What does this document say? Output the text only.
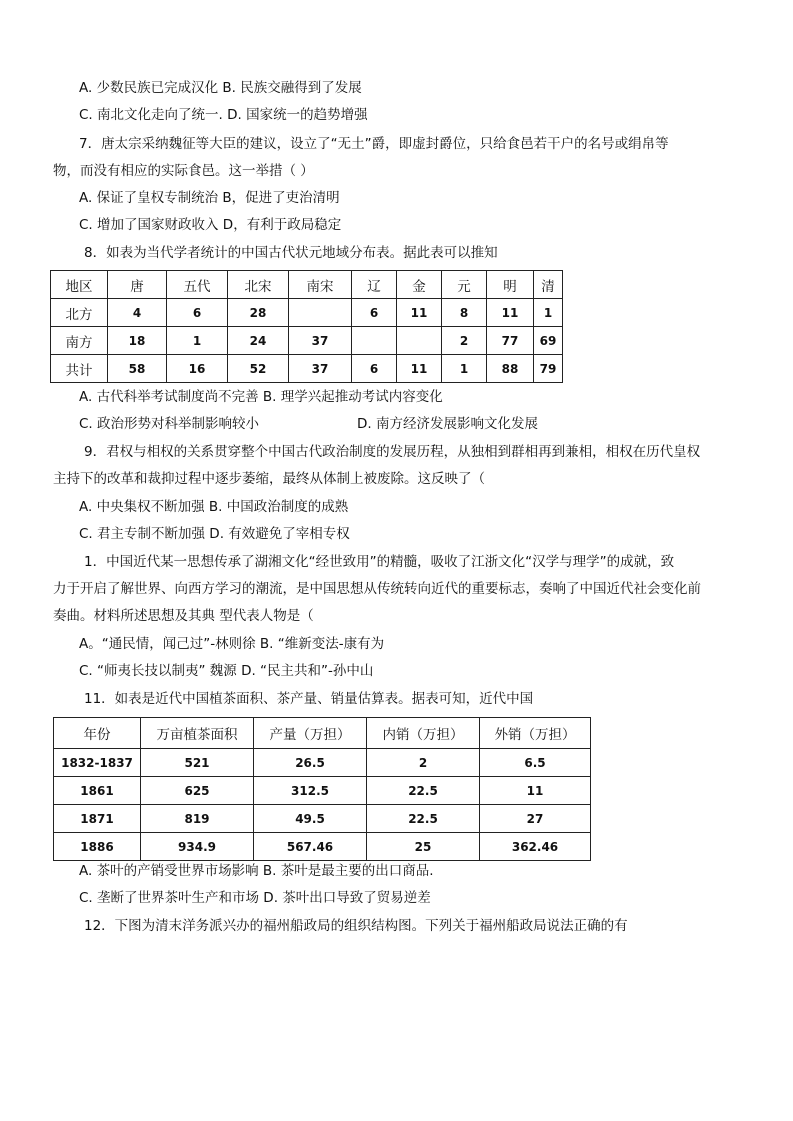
A. 少数民族已完成汉化 B. 民族交融得到了发展
C. 南北文化走向了统一. D. 国家统一的趋势增强
7．唐太宗采纳魏征等大臣的建议，设立了“无土”爵，即虚封爵位，只给食邑若干户的名号或绢帛等
物，而没有相应的实际食邑。这一举措（ ）
A. 保证了皇权专制统治 B，促进了吏治清明
C. 增加了国家财政收入 D，有利于政局稳定
8．如表为当代学者统计的中国古代状元地域分布表。据此表可以推知
地区	唐	五代	北宋	南宋	辽	金	元	明	清
北方	4	6	28		6	11	8	11	1
南方	18	1	24	37			2	77	69
共计	58	16	52	37	6	11	1	88	79
A. 古代科举考试制度尚不完善 B. 理学兴起推动考试内容变化
C. 政治形势对科举制影响较小	D. 南方经济发展影响文化发展
9．君权与相权的关系贯穿整个中国古代政治制度的发展历程，从独相到群相再到兼相，相权在历代皇权
主持下的改革和裁抑过程中逐步萎缩，最终从体制上被废除。这反映了（
A. 中央集权不断加强 B. 中国政治制度的成熟
C. 君主专制不断加强 D. 有效避免了宰相专权
1．中国近代某一思想传承了湖湘文化“经世致用”的精髓，吸收了江浙文化“汉学与理学”的成就，致
力于开启了解世界、向西方学习的潮流，是中国思想从传统转向近代的重要标志，奏响了中国近代社会变化前
奏曲。材料所述思想及其典 型代表人物是（
A。“通民情，闻己过”-林则徐 B. “维新变法-康有为
C. “师夷长技以制夷” 魏源 D. “民主共和”-孙中山
11．如表是近代中国植茶面积、茶产量、销量估算表。据表可知，近代中国
年份	万亩植茶面积	产量（万担）	内销（万担）	外销（万担）
1832-1837	521	26.5	2	6.5
1861	625	312.5	22.5	11
1871	819	49.5	22.5	27
1886	934.9	567.46	25	362.46
A. 茶叶的产销受世界市场影响 B. 茶叶是最主要的出口商品.
C. 垄断了世界茶叶生产和市场 D. 茶叶出口导致了贸易逆差
12．下图为清末洋务派兴办的福州船政局的组织结构图。下列关于福州船政局说法正确的有
